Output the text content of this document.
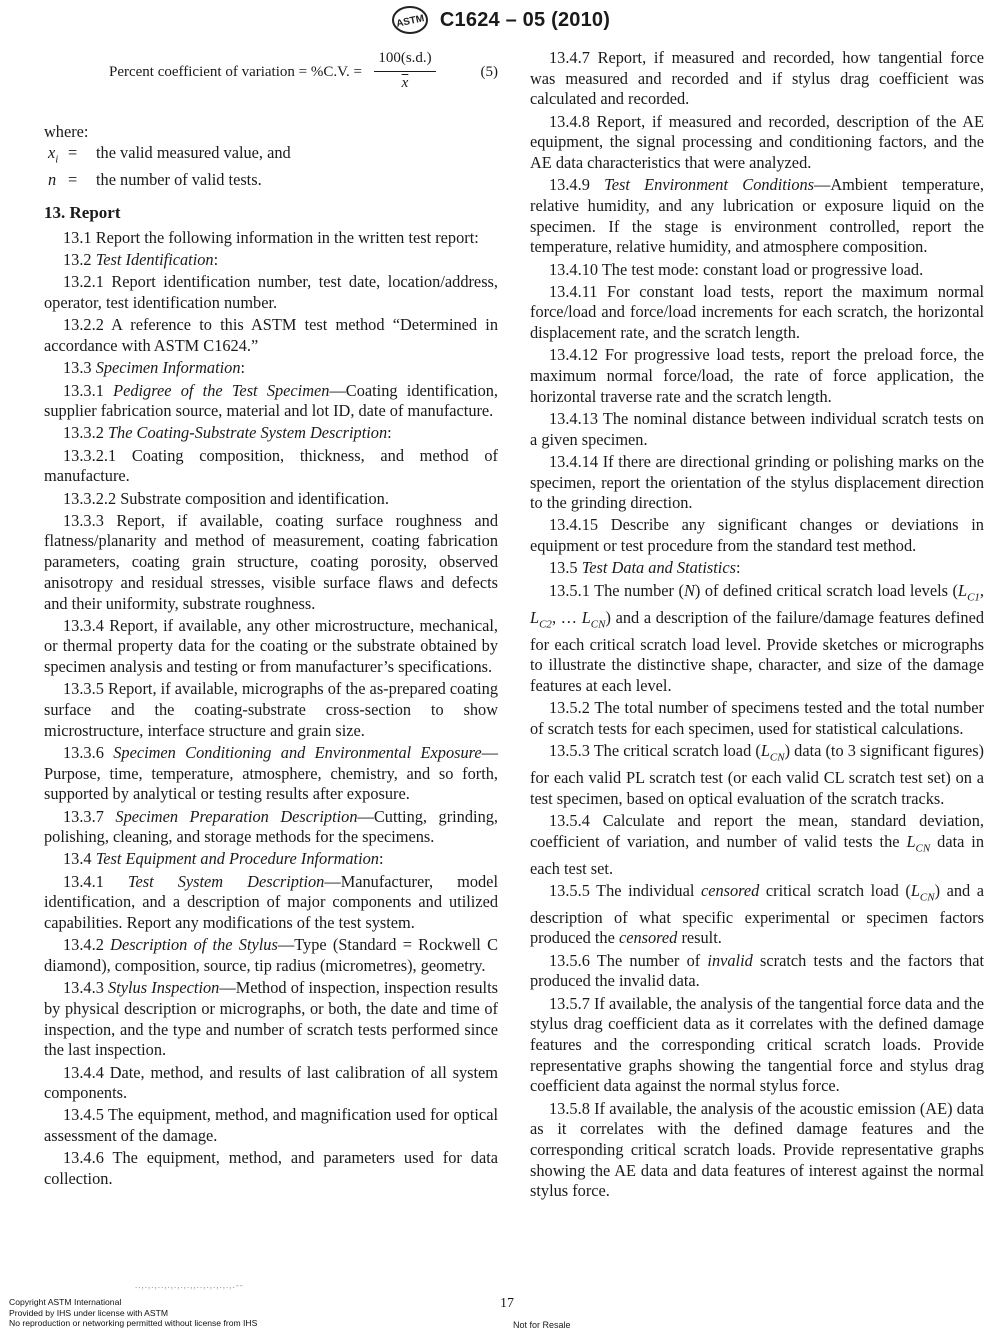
ASTM C1624 – 05 (2010)
Percent coefficient of variation = %C.V. = $\frac{100(s.d.)}{x}$	(5)

where:

$x_i$ =	the valid measured value, and

n =	the number of valid tests.

13. Report

13.1 Report the following information in the written test report:

13.2 Test Identification:

13.2.1 Report identification number, test date, location/address, operator, test identification number.

13.2.2 A reference to this ASTM test method “Determined in accordance with ASTM C1624.”

13.3 Specimen Information:

13.3.1 Pedigree of the Test Specimen—Coating identification, supplier fabrication source, material and lot ID, date of manufacture.

13.3.2 The Coating-Substrate System Description:

13.3.2.1 Coating composition, thickness, and method of manufacture.

13.3.2.2 Substrate composition and identification.

13.3.3 Report, if available, coating surface roughness and flatness/planarity and method of measurement, coating fabrication parameters, coating grain structure, coating porosity, observed anisotropy and residual stresses, visible surface flaws and defects and their uniformity, substrate roughness.

13.3.4 Report, if available, any other microstructure, mechanical, or thermal property data for the coating or the substrate obtained by specimen analysis and testing or from manufacturer’s specifications.

13.3.5 Report, if available, micrographs of the as-prepared coating surface and the coating-substrate cross-section to show microstructure, interface structure and grain size.

13.3.6 Specimen Conditioning and Environmental Exposure—Purpose, time, temperature, atmosphere, chemistry, and so forth, supported by analytical or testing results after exposure.

13.3.7 Specimen Preparation Description—Cutting, grinding, polishing, cleaning, and storage methods for the specimens.

13.4 Test Equipment and Procedure Information:

13.4.1 Test System Description—Manufacturer, model identification, and a description of major components and utilized capabilities. Report any modifications of the test system.

13.4.2 Description of the Stylus—Type (Standard = Rockwell C diamond), composition, source, tip radius (micrometres), geometry.

13.4.3 Stylus Inspection—Method of inspection, inspection results by physical description or micrographs, or both, the date and time of inspection, and the type and number of scratch tests performed since the last inspection.

13.4.4 Date, method, and results of last calibration of all system components.

13.4.5 The equipment, method, and magnification used for optical assessment of the damage.

13.4.6 The equipment, method, and parameters used for data collection.

13.4.7 Report, if measured and recorded, how tangential force was measured and recorded and if stylus drag coefficient was calculated and recorded.

13.4.8 Report, if measured and recorded, description of the AE equipment, the signal processing and conditioning factors, and the AE data characteristics that were analyzed.

13.4.9 Test Environment Conditions—Ambient temperature, relative humidity, and any lubrication or exposure liquid on the specimen. If the stage is environment controlled, report the temperature, relative humidity, and atmosphere composition.

13.4.10 The test mode: constant load or progressive load.

13.4.11 For constant load tests, report the maximum normal force/load and force/load increments for each scratch, the horizontal displacement rate, and the scratch length.

13.4.12 For progressive load tests, report the preload force, the maximum normal force/load, the rate of force application, the horizontal traverse rate and the scratch length.

13.4.13 The nominal distance between individual scratch tests on a given specimen.

13.4.14 If there are directional grinding or polishing marks on the specimen, report the orientation of the stylus displacement direction to the grinding direction.

13.4.15 Describe any significant changes or deviations in equipment or test procedure from the standard test method.

13.5 Test Data and Statistics:

13.5.1 The number (N) of defined critical scratch load levels ($L_{C1}$, $L_{C2}$, … $L_{CN}$) and a description of the failure/damage features defined for each critical scratch load level. Provide sketches or micrographs to illustrate the distinctive shape, character, and size of the damage features at each level.

13.5.2 The total number of specimens tested and the total number of scratch tests for each specimen, used for statistical calculations.

13.5.3 The critical scratch load $(L_{CN})$ data (to 3 significant figures) for each valid PL scratch test (or each valid CL scratch test set) on a test specimen, based on optical evaluation of the scratch tracks.

13.5.4 Calculate and report the mean, standard deviation, coefficient of variation, and number of valid tests the $L_{CN}$ data in each test set.

13.5.5 The individual censored critical scratch load $(L_{CN})$ and a description of what specific experimental or specimen factors produced the censored result.

13.5.6 The number of invalid scratch tests and the factors that produced the invalid data.

13.5.7 If available, the analysis of the tangential force data and the stylus drag coefficient data as it correlates with the defined damage features and the corresponding critical scratch loads. Provide representative graphs showing the tangential force and stylus drag coefficient data against the normal stylus force.

13.5.8 If available, the analysis of the acoustic emission (AE) data as it correlates with the defined damage features and the corresponding critical scratch loads. Provide representative graphs showing the AE data and data features of interest against the normal stylus force.

..,.,.,..,.,.,.,.,,..,.,.,.,.,.--
Copyright ASTM International
Provided by IHS under license with ASTM
No reproduction or networking permitted without license from IHS
17
Not for Resale
